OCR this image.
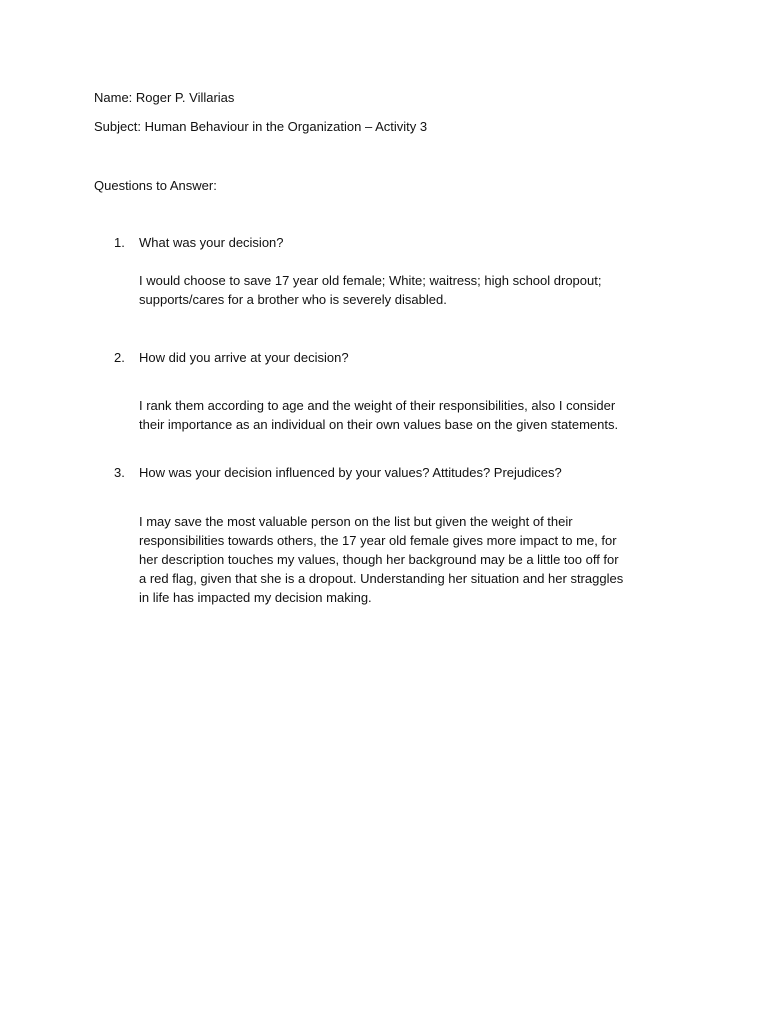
Name: Roger P. Villarias
Subject: Human Behaviour in the Organization – Activity 3
Questions to Answer:
1. What was your decision?
I would choose to save 17 year old female; White; waitress; high school dropout;
supports/cares for a brother who is severely disabled.
2. How did you arrive at your decision?
I rank them according to age and the weight of their responsibilities, also I consider
their importance as an individual on their own values base on the given statements.
3. How was your decision influenced by your values? Attitudes? Prejudices?
I may save the most valuable person on the list but given the weight of their
responsibilities towards others, the 17 year old female gives more impact to me, for
her description touches my values, though her background may be a little too off for
a red flag, given that she is a dropout. Understanding her situation and her straggles
in life has impacted my decision making.
